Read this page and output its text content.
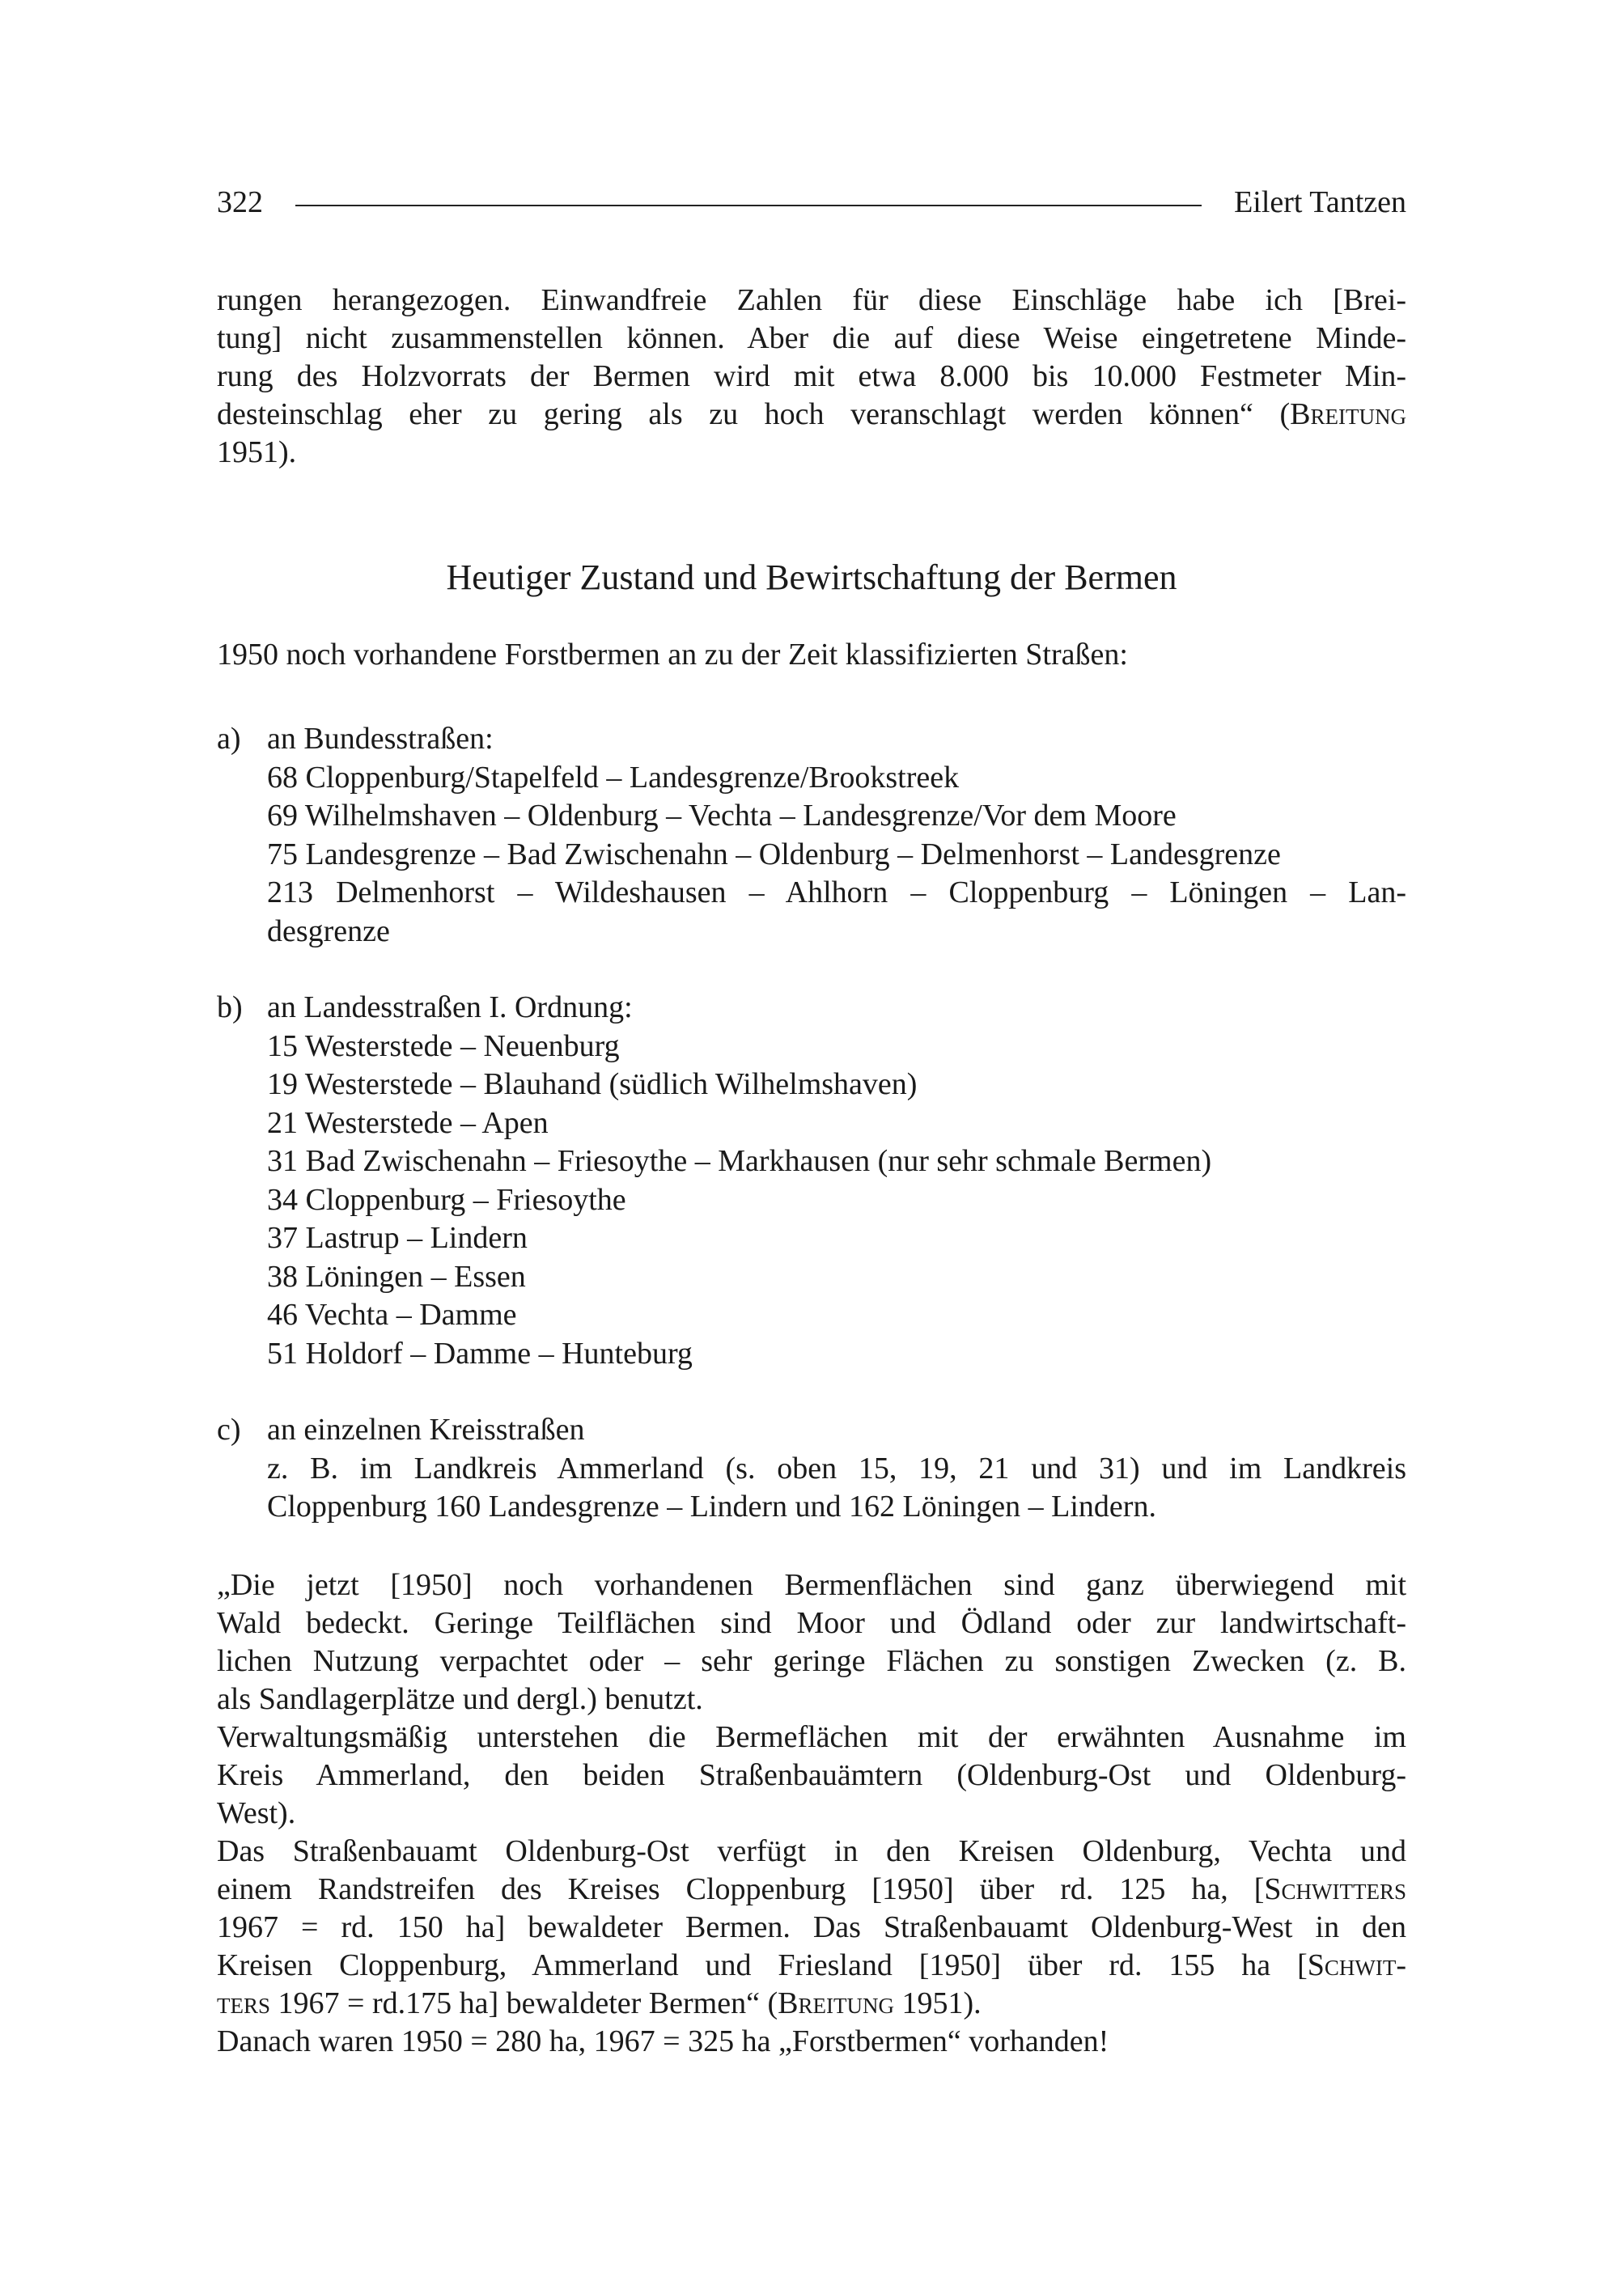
322	Eilert Tantzen
rungen herangezogen. Einwandfreie Zahlen für diese Einschläge habe ich [Brei-
tung] nicht zusammenstellen können. Aber die auf diese Weise eingetretene Minde-
rung des Holzvorrats der Bermen wird mit etwa 8.000 bis 10.000 Festmeter Min-
desteinschlag eher zu gering als zu hoch veranschlagt werden können“ (Breitung
1951).
Heutiger Zustand und Bewirtschaftung der Bermen
1950 noch vorhandene Forstbermen an zu der Zeit klassifizierten Straßen:
a) an Bundesstraßen:
68 Cloppenburg/Stapelfeld – Landesgrenze/Brookstreek
69 Wilhelmshaven – Oldenburg – Vechta – Landesgrenze/Vor dem Moore
75 Landesgrenze – Bad Zwischenahn – Oldenburg – Delmenhorst – Landesgrenze
213 Delmenhorst – Wildeshausen – Ahlhorn – Cloppenburg – Löningen – Lan-
desgrenze
b) an Landesstraßen I. Ordnung:
15 Westerstede – Neuenburg
19 Westerstede – Blauhand (südlich Wilhelmshaven)
21 Westerstede – Apen
31 Bad Zwischenahn – Friesoythe – Markhausen (nur sehr schmale Bermen)
34 Cloppenburg – Friesoythe
37 Lastrup – Lindern
38 Löningen – Essen
46 Vechta – Damme
51 Holdorf – Damme – Hunteburg
c) an einzelnen Kreisstraßen
z. B. im Landkreis Ammerland (s. oben 15, 19, 21 und 31) und im Landkreis
Cloppenburg 160 Landesgrenze – Lindern und 162 Löningen – Lindern.
„Die jetzt [1950] noch vorhandenen Bermenflächen sind ganz überwiegend mit
Wald bedeckt. Geringe Teilflächen sind Moor und Ödland oder zur landwirtschaft-
lichen Nutzung verpachtet oder – sehr geringe Flächen zu sonstigen Zwecken (z. B.
als Sandlagerplätze und dergl.) benutzt.
Verwaltungsmäßig unterstehen die Bermeflächen mit der erwähnten Ausnahme im
Kreis Ammerland, den beiden Straßenbauämtern (Oldenburg-Ost und Oldenburg-
West).
Das Straßenbauamt Oldenburg-Ost verfügt in den Kreisen Oldenburg, Vechta und
einem Randstreifen des Kreises Cloppenburg [1950] über rd. 125 ha, [Schwitters
1967 = rd. 150 ha] bewaldeter Bermen. Das Straßenbauamt Oldenburg-West in den
Kreisen Cloppenburg, Ammerland und Friesland [1950] über rd. 155 ha [Schwit-
ters 1967 = rd.175 ha] bewaldeter Bermen“ (Breitung 1951).
Danach waren 1950 = 280 ha, 1967 = 325 ha „Forstbermen“ vorhanden!
